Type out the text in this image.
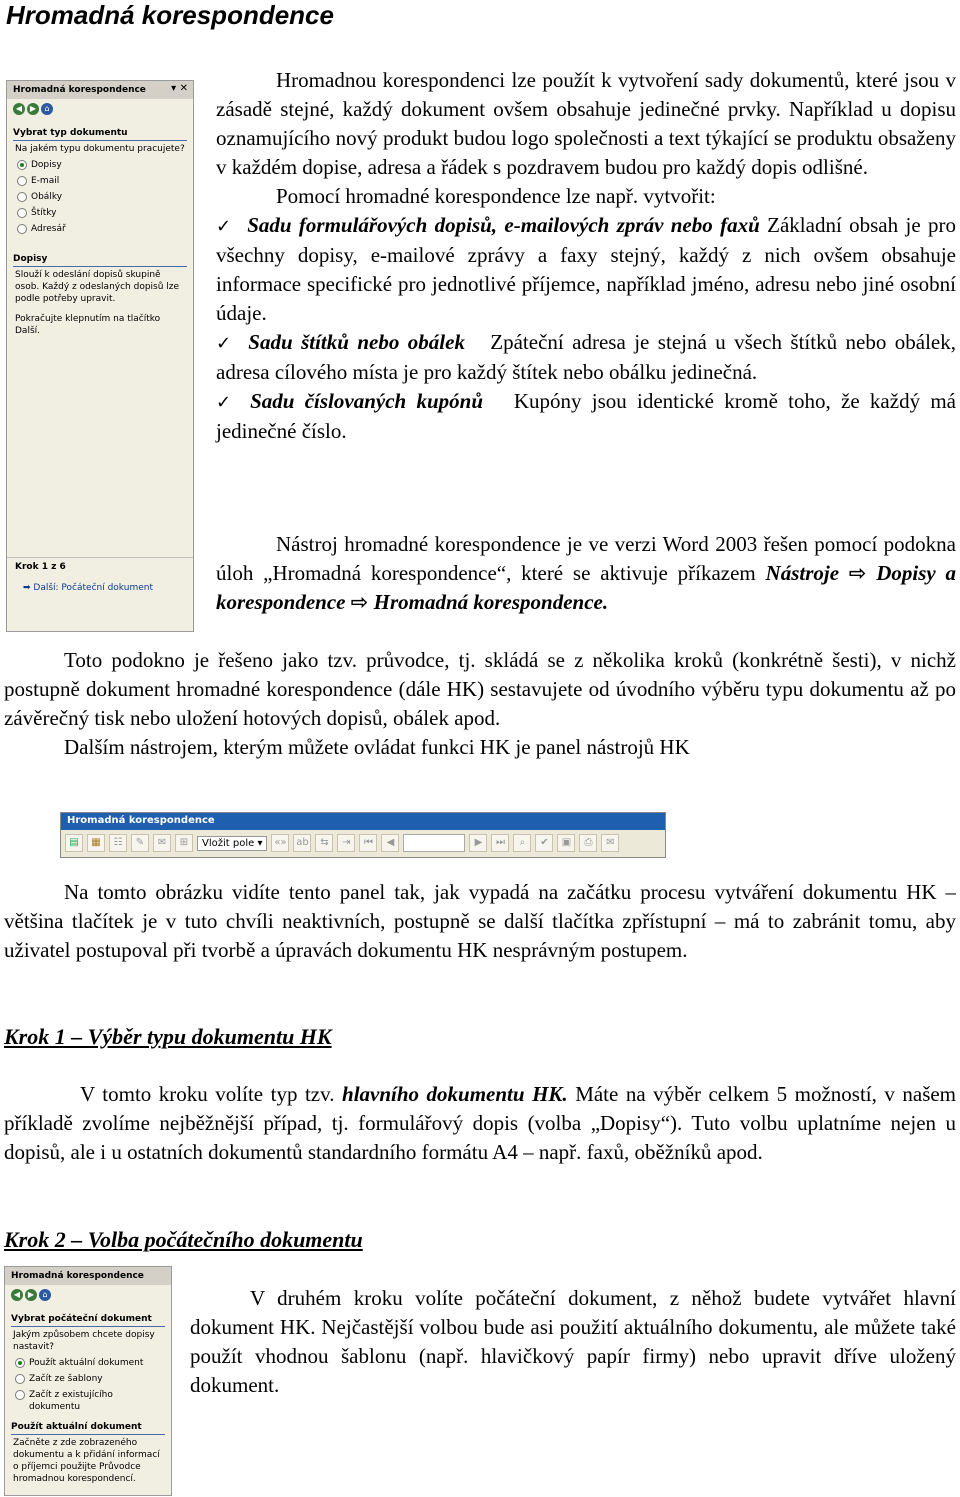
Hromadná korespondence
Hromadná korespondence	▾ ✕
◀ ▶ ⌂
Vybrat typ dokumentu
Na jakém typu dokumentu pracujete?
Dopisy
E-mail
Obálky
Štítky
Adresář
Dopisy
Slouží k odeslání dopisů skupině osob. Každý z odeslaných dopisů lze podle potřeby upravit.
Pokračujte klepnutím na tlačítko Další.
Krok 1 z 6
➡ Další: Počáteční dokument

Hromadnou korespondenci lze použít k vytvoření sady dokumentů, které jsou v zásadě stejné, každý dokument ovšem obsahuje jedinečné prvky. Například u dopisu oznamujícího nový produkt budou logo společnosti a text týkající se produktu obsaženy v každém dopise, adresa a řádek s pozdravem budou pro každý dopis odlišné.

Pomocí hromadné korespondence lze např. vytvořit:

✓ Sadu formulářových dopisů, e-mailových zpráv nebo faxů Základní obsah je pro všechny dopisy, e-mailové zprávy a faxy stejný, každý z nich ovšem obsahuje informace specifické pro jednotlivé příjemce, například jméno, adresu nebo jiné osobní údaje.

✓ Sadu štítků nebo obálek Zpáteční adresa je stejná u všech štítků nebo obálek, adresa cílového místa je pro každý štítek nebo obálku jedinečná.

✓ Sadu číslovaných kupónů Kupóny jsou identické kromě toho, že každý má jedinečné číslo.

Nástroj hromadné korespondence je ve verzi Word 2003 řešen pomocí podokna úloh „Hromadná korespondence“, které se aktivuje příkazem Nástroje ⇨ Dopisy a korespondence ⇨ Hromadná korespondence.

Toto podokno je řešeno jako tzv. průvodce, tj. skládá se z několika kroků (konkrétně šesti), v nichž postupně dokument hromadné korespondence (dále HK) sestavujete od úvodního výběru typu dokumentu až po závěrečný tisk nebo uložení hotových dopisů, obálek apod.

Dalším nástrojem, kterým můžete ovládat funkci HK je panel nástrojů HK

Hromadná korespondence
▤	▦	☷	✎	✉	⊞	Vložit pole ▾	«» ab	⇆	⇥	⏮	◀	▶	⏭	⌕	✔	▣	⎙	✉

Na tomto obrázku vidíte tento panel tak, jak vypadá na začátku procesu vytváření dokumentu HK – většina tlačítek je v tuto chvíli neaktivních, postupně se další tlačítka zpřístupní – má to zabránit tomu, aby uživatel postupoval při tvorbě a úpravách dokumentu HK nesprávným postupem.

Krok 1 – Výběr typu dokumentu HK

V tomto kroku volíte typ tzv. hlavního dokumentu HK. Máte na výběr celkem 5 možností, v našem příkladě zvolíme nejběžnější případ, tj. formulářový dopis (volba „Dopisy“). Tuto volbu uplatníme nejen u dopisů, ale i u ostatních dokumentů standardního formátu A4 – např. faxů, oběžníků apod.

Krok 2 – Volba počátečního dokumentu
Hromadná korespondence
◀ ▶ ⌂
Vybrat počáteční dokument
Jakým způsobem chcete dopisy nastavit?
Použít aktuální dokument
Začít ze šablony
Začít z existujícího dokumentu
Použít aktuální dokument
Začněte z zde zobrazeného dokumentu a k přidání informací o příjemci použijte Průvodce hromadnou korespondencí.

V druhém kroku volíte počáteční dokument, z něhož budete vytvářet hlavní dokument HK. Nejčastější volbou bude asi použití aktuálního dokumentu, ale můžete také použít vhodnou šablonu (např. hlavičkový papír firmy) nebo upravit dříve uložený dokument.
